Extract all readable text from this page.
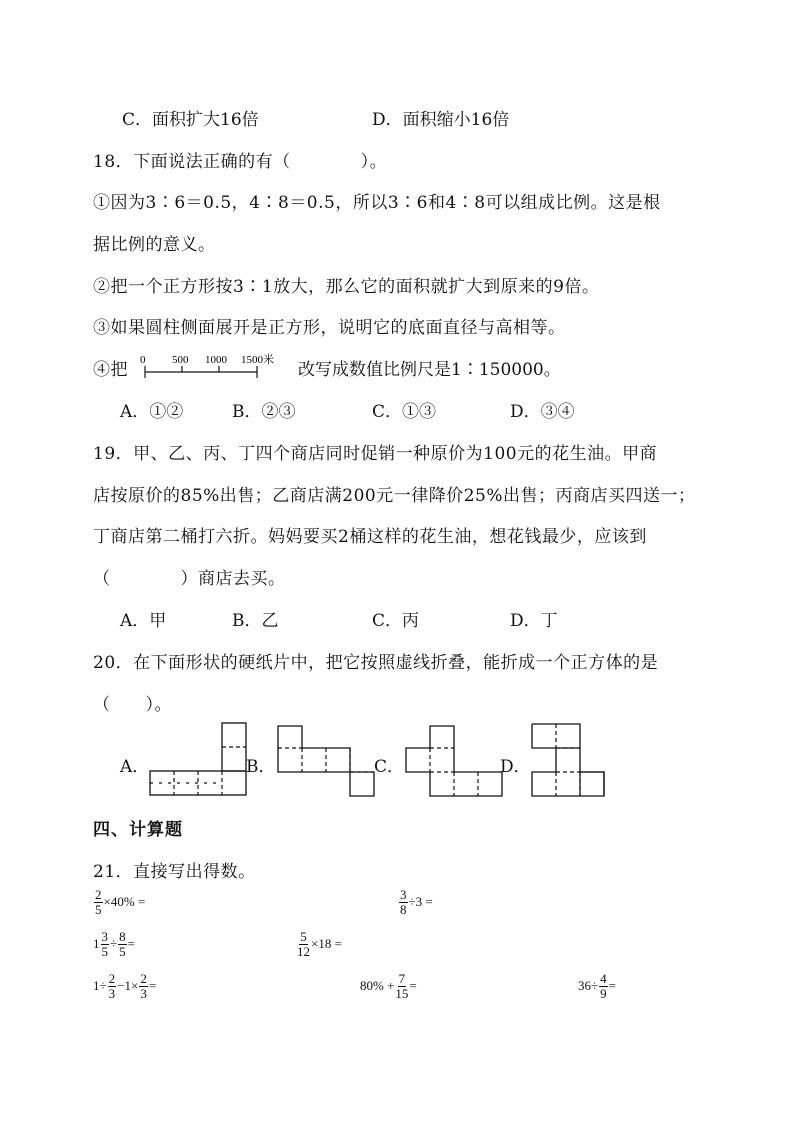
C．面积扩大16倍	D．面积缩小16倍
18．下面说法正确的有（　　　　）。
①因为3∶6＝0.5，4∶8＝0.5，所以3∶6和4∶8可以组成比例。这是根
据比例的意义。
②把一个正方形按3∶1放大，那么它的面积就扩大到原来的9倍。
③如果圆柱侧面展开是正方形，说明它的底面直径与高相等。
④把 0 500 1000 1500米 改写成数值比例尺是1∶150000。
A．①②	B．②③	C．①③	D．③④
19．甲、乙、丙、丁四个商店同时促销一种原价为100元的花生油。甲商
店按原价的85%出售；乙商店满200元一律降价25%出售；丙商店买四送一；
丁商店第二桶打六折。妈妈要买2桶这样的花生油，想花钱最少，应该到
（　　　　）商店去买。
A．甲	B．乙	C．丙	D．丁
20．在下面形状的硬纸片中，把它按照虚线折叠，能折成一个正方体的是
（　　）。
A．	B．	C．	D．
四、计算题
21．直接写出得数。
$\frac{2}{5} \times 40\%$ =	$\frac{3}{8} \div 3$ =
$1 \frac{3}{5} \div \frac{8}{5}$ =	$\frac{5}{12} \times 18$ =
$1\div \frac{2}{3} -1\times \frac{2}{3}$ =	$80\% + \frac{7}{15}$ =	$36\div \frac{4}{9}$ =
